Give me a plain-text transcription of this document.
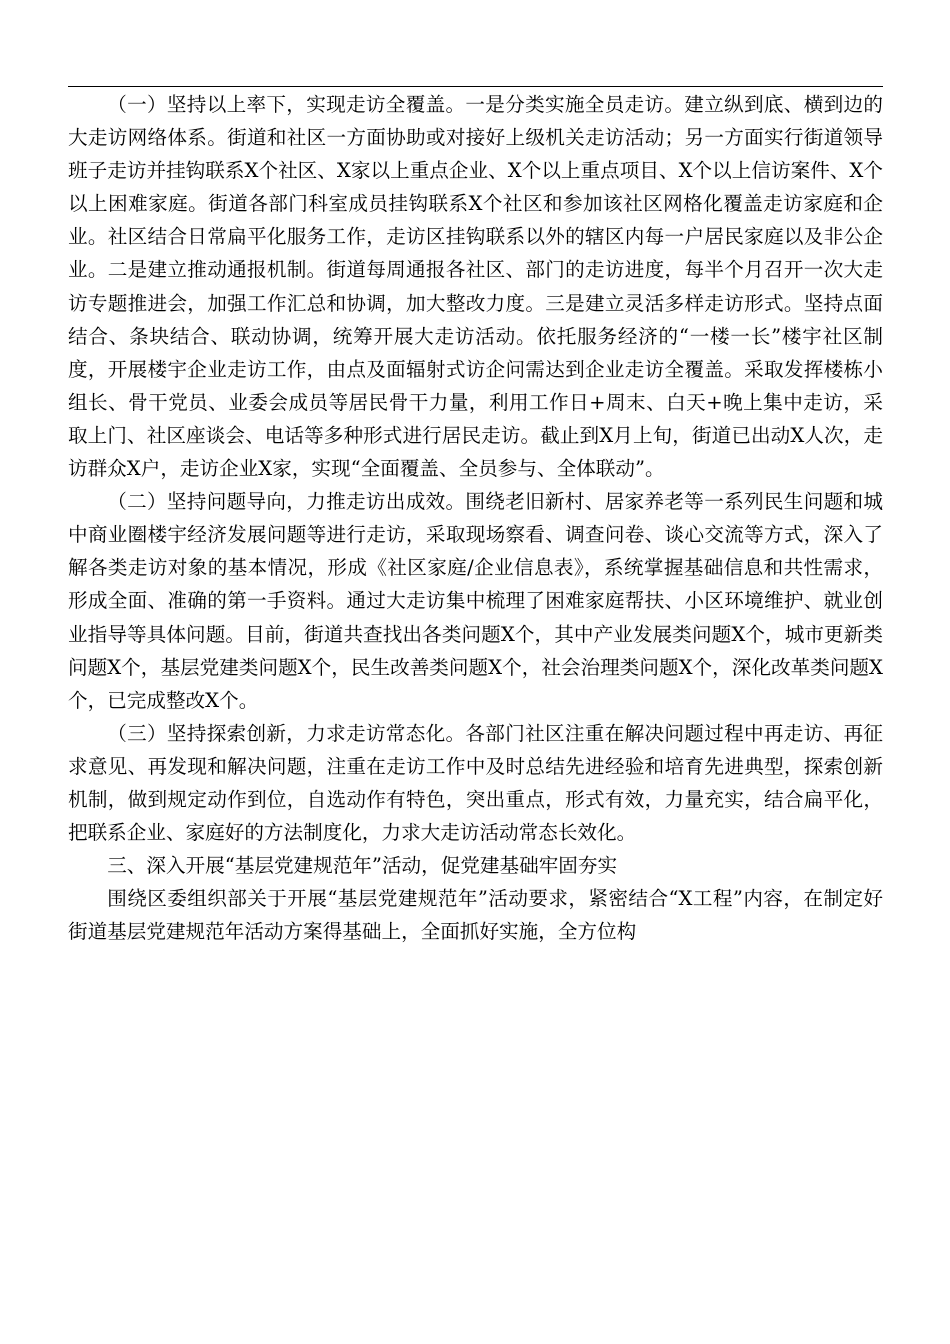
（一）坚持以上率下，实现走访全覆盖。一是分类实施全员走访。建立纵到底、横到边的大走访网络体系。街道和社区一方面协助或对接好上级机关走访活动；另一方面实行街道领导班子走访并挂钩联系X个社区、X家以上重点企业、X个以上重点项目、X个以上信访案件、X个以上困难家庭。街道各部门科室成员挂钩联系X个社区和参加该社区网格化覆盖走访家庭和企业。社区结合日常扁平化服务工作，走访区挂钩联系以外的辖区内每一户居民家庭以及非公企业。二是建立推动通报机制。街道每周通报各社区、部门的走访进度，每半个月召开一次大走访专题推进会，加强工作汇总和协调，加大整改力度。三是建立灵活多样走访形式。坚持点面结合、条块结合、联动协调，统筹开展大走访活动。依托服务经济的“一楼一长”楼宇社区制度，开展楼宇企业走访工作，由点及面辐射式访企问需达到企业走访全覆盖。采取发挥楼栋小组长、骨干党员、业委会成员等居民骨干力量，利用工作日+周末、白天+晚上集中走访，采取上门、社区座谈会、电话等多种形式进行居民走访。截止到X月上旬，街道已出动X人次，走访群众X户，走访企业X家，实现“全面覆盖、全员参与、全体联动”。

（二）坚持问题导向，力推走访出成效。围绕老旧新村、居家养老等一系列民生问题和城中商业圈楼宇经济发展问题等进行走访，采取现场察看、调查问卷、谈心交流等方式，深入了解各类走访对象的基本情况，形成《社区家庭/企业信息表》，系统掌握基础信息和共性需求，形成全面、准确的第一手资料。通过大走访集中梳理了困难家庭帮扶、小区环境维护、就业创业指导等具体问题。目前，街道共查找出各类问题X个，其中产业发展类问题X个，城市更新类问题X个，基层党建类问题X个，民生改善类问题X个，社会治理类问题X个，深化改革类问题X个，已完成整改X个。

（三）坚持探索创新，力求走访常态化。各部门社区注重在解决问题过程中再走访、再征求意见、再发现和解决问题，注重在走访工作中及时总结先进经验和培育先进典型，探索创新机制，做到规定动作到位，自选动作有特色，突出重点，形式有效，力量充实，结合扁平化，把联系企业、家庭好的方法制度化，力求大走访活动常态长效化。

三、深入开展“基层党建规范年”活动，促党建基础牢固夯实

围绕区委组织部关于开展“基层党建规范年”活动要求，紧密结合“X工程”内容，在制定好街道基层党建规范年活动方案得基础上，全面抓好实施，全方位构
